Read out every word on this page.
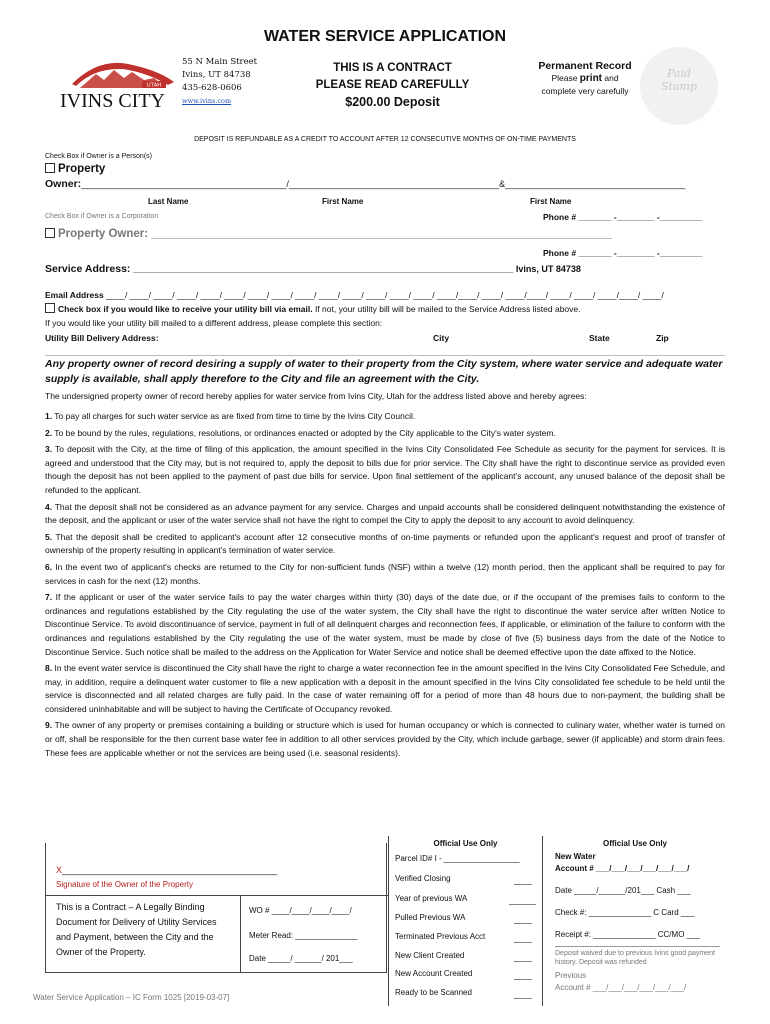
WATER SERVICE APPLICATION
UTAH
IVINS CITY
55 N Main Street
Ivins, UT 84738
435-628-0606
www.ivins.com
THIS IS A CONTRACT
PLEASE READ CAREFULLY
$200.00 Deposit
Permanent Record
Please print and
complete very carefully
Paid
Stamp
DEPOSIT IS REFUNDABLE AS A CREDIT TO ACCOUNT AFTER 12 CONSECUTIVE MONTHS OF ON-TIME PAYMENTS
Check Box if Owner is a Person(s)
Property
Owner:_________________________________________/__________________________________________&____________________________________
Last Name	First Name	First Name
Check Box if Owner is a Corporation	Phone # _______ -________ -_________
Property Owner: ________________________________________________________________________
Phone # _______ -________ -_________
Service Address: ____________________________________________________________________________ Ivins, UT 84738
Email Address ____/ ____/ ____/ ____/ ____/ ____/ ____/ ____/ ____/ ____/ ____/ ____/ ____/ ____/ ____/____/ ____/ ____/____/ ____/ ____/ ____/____/ ____/
Check box if you would like to receive your utility bill via email. If not, your utility bill will be mailed to the Service Address listed above.
If you would like your utility bill mailed to a different address, please complete this section:
Utility Bill Delivery Address:	City	State	Zip
Any property owner of record desiring a supply of water to their property from the City system, where water service and adequate water supply is available, shall apply therefore to the City and file an agreement with the City.
The undersigned property owner of record hereby applies for water service from Ivins City, Utah for the address listed above and hereby agrees:
1. To pay all charges for such water service as are fixed from time to time by the Ivins City Council.
2. To be bound by the rules, regulations, resolutions, or ordinances enacted or adopted by the City applicable to the City's water system.
3. To deposit with the City, at the time of filing of this application, the amount specified in the Ivins City Consolidated Fee Schedule as security for the payment for services. It is agreed and understood that the City may, but is not required to, apply the deposit to bills due for prior service. The City shall have the right to discontinue service as provided even though the deposit has not been applied to the payment of past due bills for service. Upon final settlement of the applicant's account, any unused balance of the deposit shall be refunded to the applicant.
4. That the deposit shall not be considered as an advance payment for any service. Charges and unpaid accounts shall be considered delinquent notwithstanding the existence of the deposit, and the applicant or user of the water service shall not have the right to compel the City to apply the deposit to any account to avoid delinquency.
5. That the deposit shall be credited to applicant's account after 12 consecutive months of on-time payments or refunded upon the applicant's request and proof of transfer of ownership of the property resulting in applicant's termination of water service.
6. In the event two of applicant's checks are returned to the City for non-sufficient funds (NSF) within a twelve (12) month period, then the applicant shall be required to pay for services in cash for the next (12) months.
7. If the applicant or user of the water service fails to pay the water charges within thirty (30) days of the date due, or if the occupant of the premises fails to conform to the ordinances and regulations established by the City regulating the use of the water system, the City shall have the right to discontinue the water service after written Notice to Discontinue Service. To avoid discontinuance of service, payment in full of all delinquent charges and reconnection fees, if applicable, or elimination of the failure to conform with the ordinances and regulations established by the City regulating the use of the water system, must be made by close of five (5) business days from the date of the Notice to Discontinue Service. Such notice shall be mailed to the address on the Application for Water Service and notice shall be deemed effective upon the date affixed to the Notice.
8. In the event water service is discontinued the City shall have the right to charge a water reconnection fee in the amount specified in the Ivins City Consolidated Fee Schedule, and may, in addition, require a delinquent water customer to file a new application with a deposit in the amount specified in the Ivins City consolidated fee schedule to be held until the service is disconnected and all related charges are fully paid. In the case of water remaining off for a period of more than 48 hours due to non-payment, the building shall be considered uninhabitable and will be subject to having the Certificate of Occupancy revoked.
9. The owner of any property or premises containing a building or structure which is used for human occupancy or which is connected to culinary water, whether water is turned on or off, shall be responsible for the then current base water fee in addition to all other services provided by the City, which include garbage, sewer (if applicable) and storm drain fees. These fees are applicable whether or not the services are being used (i.e. seasonal residents).
X___________________________________________
Signature of the Owner of the Property
This is a Contract – A Legally Binding Document for Delivery of Utility Services and Payment, between the City and the Owner of the Property.
WO # ____/____/____/____/
Meter Read: ______________
Date _____/ ______/ 201___
Official Use Only
Parcel ID# I - _________________
Verified Closing	____
Year of previous WA	______
Pulled Previous WA	____
Terminated Previous Acct	____
New Client Created	____
New Account Created	____
Ready to be Scanned	____
Official Use Only
New Water
Account # ___/___/___/___/___/___/
Date _____/______/201___ Cash ___
Check #: ______________ C Card ___
Receipt #: ______________ CC/MO ___
Deposit waived due to previous Ivins good payment history. Deposit was refunded
Previous
Account # ___/___/___/___/___/___/
Water Service Application – IC Form 1025 [2019-03-07]
